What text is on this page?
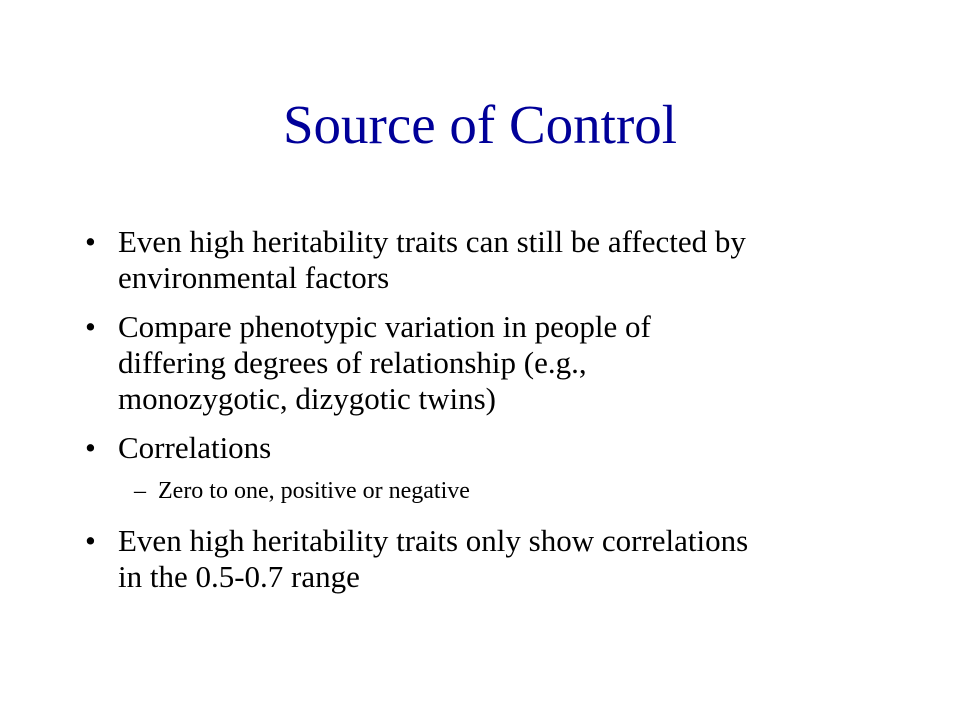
Source of Control
• Even high heritability traits can still be affected by
environmental factors
• Compare phenotypic variation in people of
differing degrees of relationship (e.g.,
monozygotic, dizygotic twins)
• Correlations
– Zero to one, positive or negative
• Even high heritability traits only show correlations
in the 0.5-0.7 range
